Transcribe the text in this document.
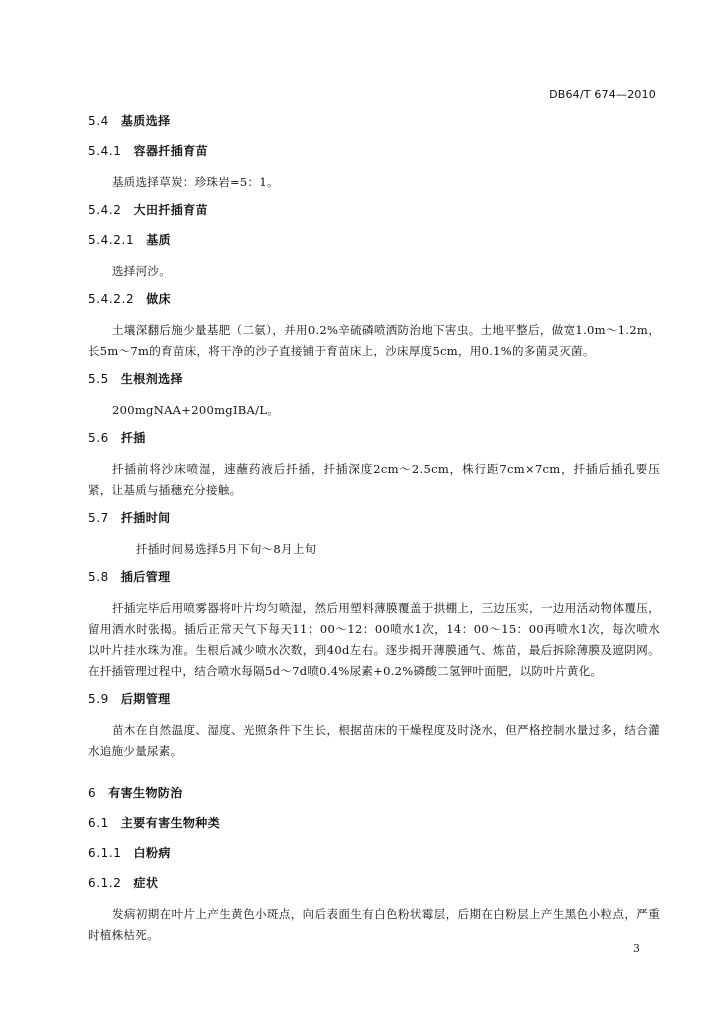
DB64/T 674—2010
5.4 基质选择
5.4.1 容器扦插育苗
基质选择草炭：珍珠岩=5：1。
5.4.2 大田扦插育苗
5.4.2.1 基质
选择河沙。
5.4.2.2 做床
土壤深翻后施少量基肥（二氨），并用0.2%辛硫磷喷洒防治地下害虫。土地平整后，做宽1.0m～1.2m，长5m～7m的育苗床，将干净的沙子直接铺于育苗床上，沙床厚度5cm，用0.1%的多菌灵灭菌。
5.5 生根剂选择
200mgNAA+200mgIBA/L。
5.6 扦插
扦插前将沙床喷湿，速蘸药液后扦插，扦插深度2cm～2.5cm，株行距7cm×7cm，扦插后插孔要压紧，让基质与插穗充分接触。
5.7 扦插时间
扦插时间易选择5月下旬～8月上旬
5.8 插后管理
扦插完毕后用喷雾器将叶片均匀喷湿，然后用塑料薄膜覆盖于拱棚上，三边压实，一边用活动物体覆压，留用洒水时张揭。插后正常天气下每天11：00～12：00喷水1次，14：00～15：00再喷水1次，每次喷水以叶片挂水珠为准。生根后减少喷水次数，到40d左右。逐步揭开薄膜通气、炼苗，最后拆除薄膜及遮阴网。在扦插管理过程中，结合喷水每隔5d～7d喷0.4%尿素+0.2%磷酸二氢钾叶面肥，以防叶片黄化。
5.9 后期管理
苗木在自然温度、湿度、光照条件下生长，根据苗床的干燥程度及时浇水，但严格控制水量过多，结合灌水追施少量尿素。
6 有害生物防治
6.1 主要有害生物种类
6.1.1 白粉病
6.1.2 症状
发病初期在叶片上产生黄色小斑点，向后表面生有白色粉状霉层，后期在白粉层上产生黑色小粒点，严重时植株枯死。
3
